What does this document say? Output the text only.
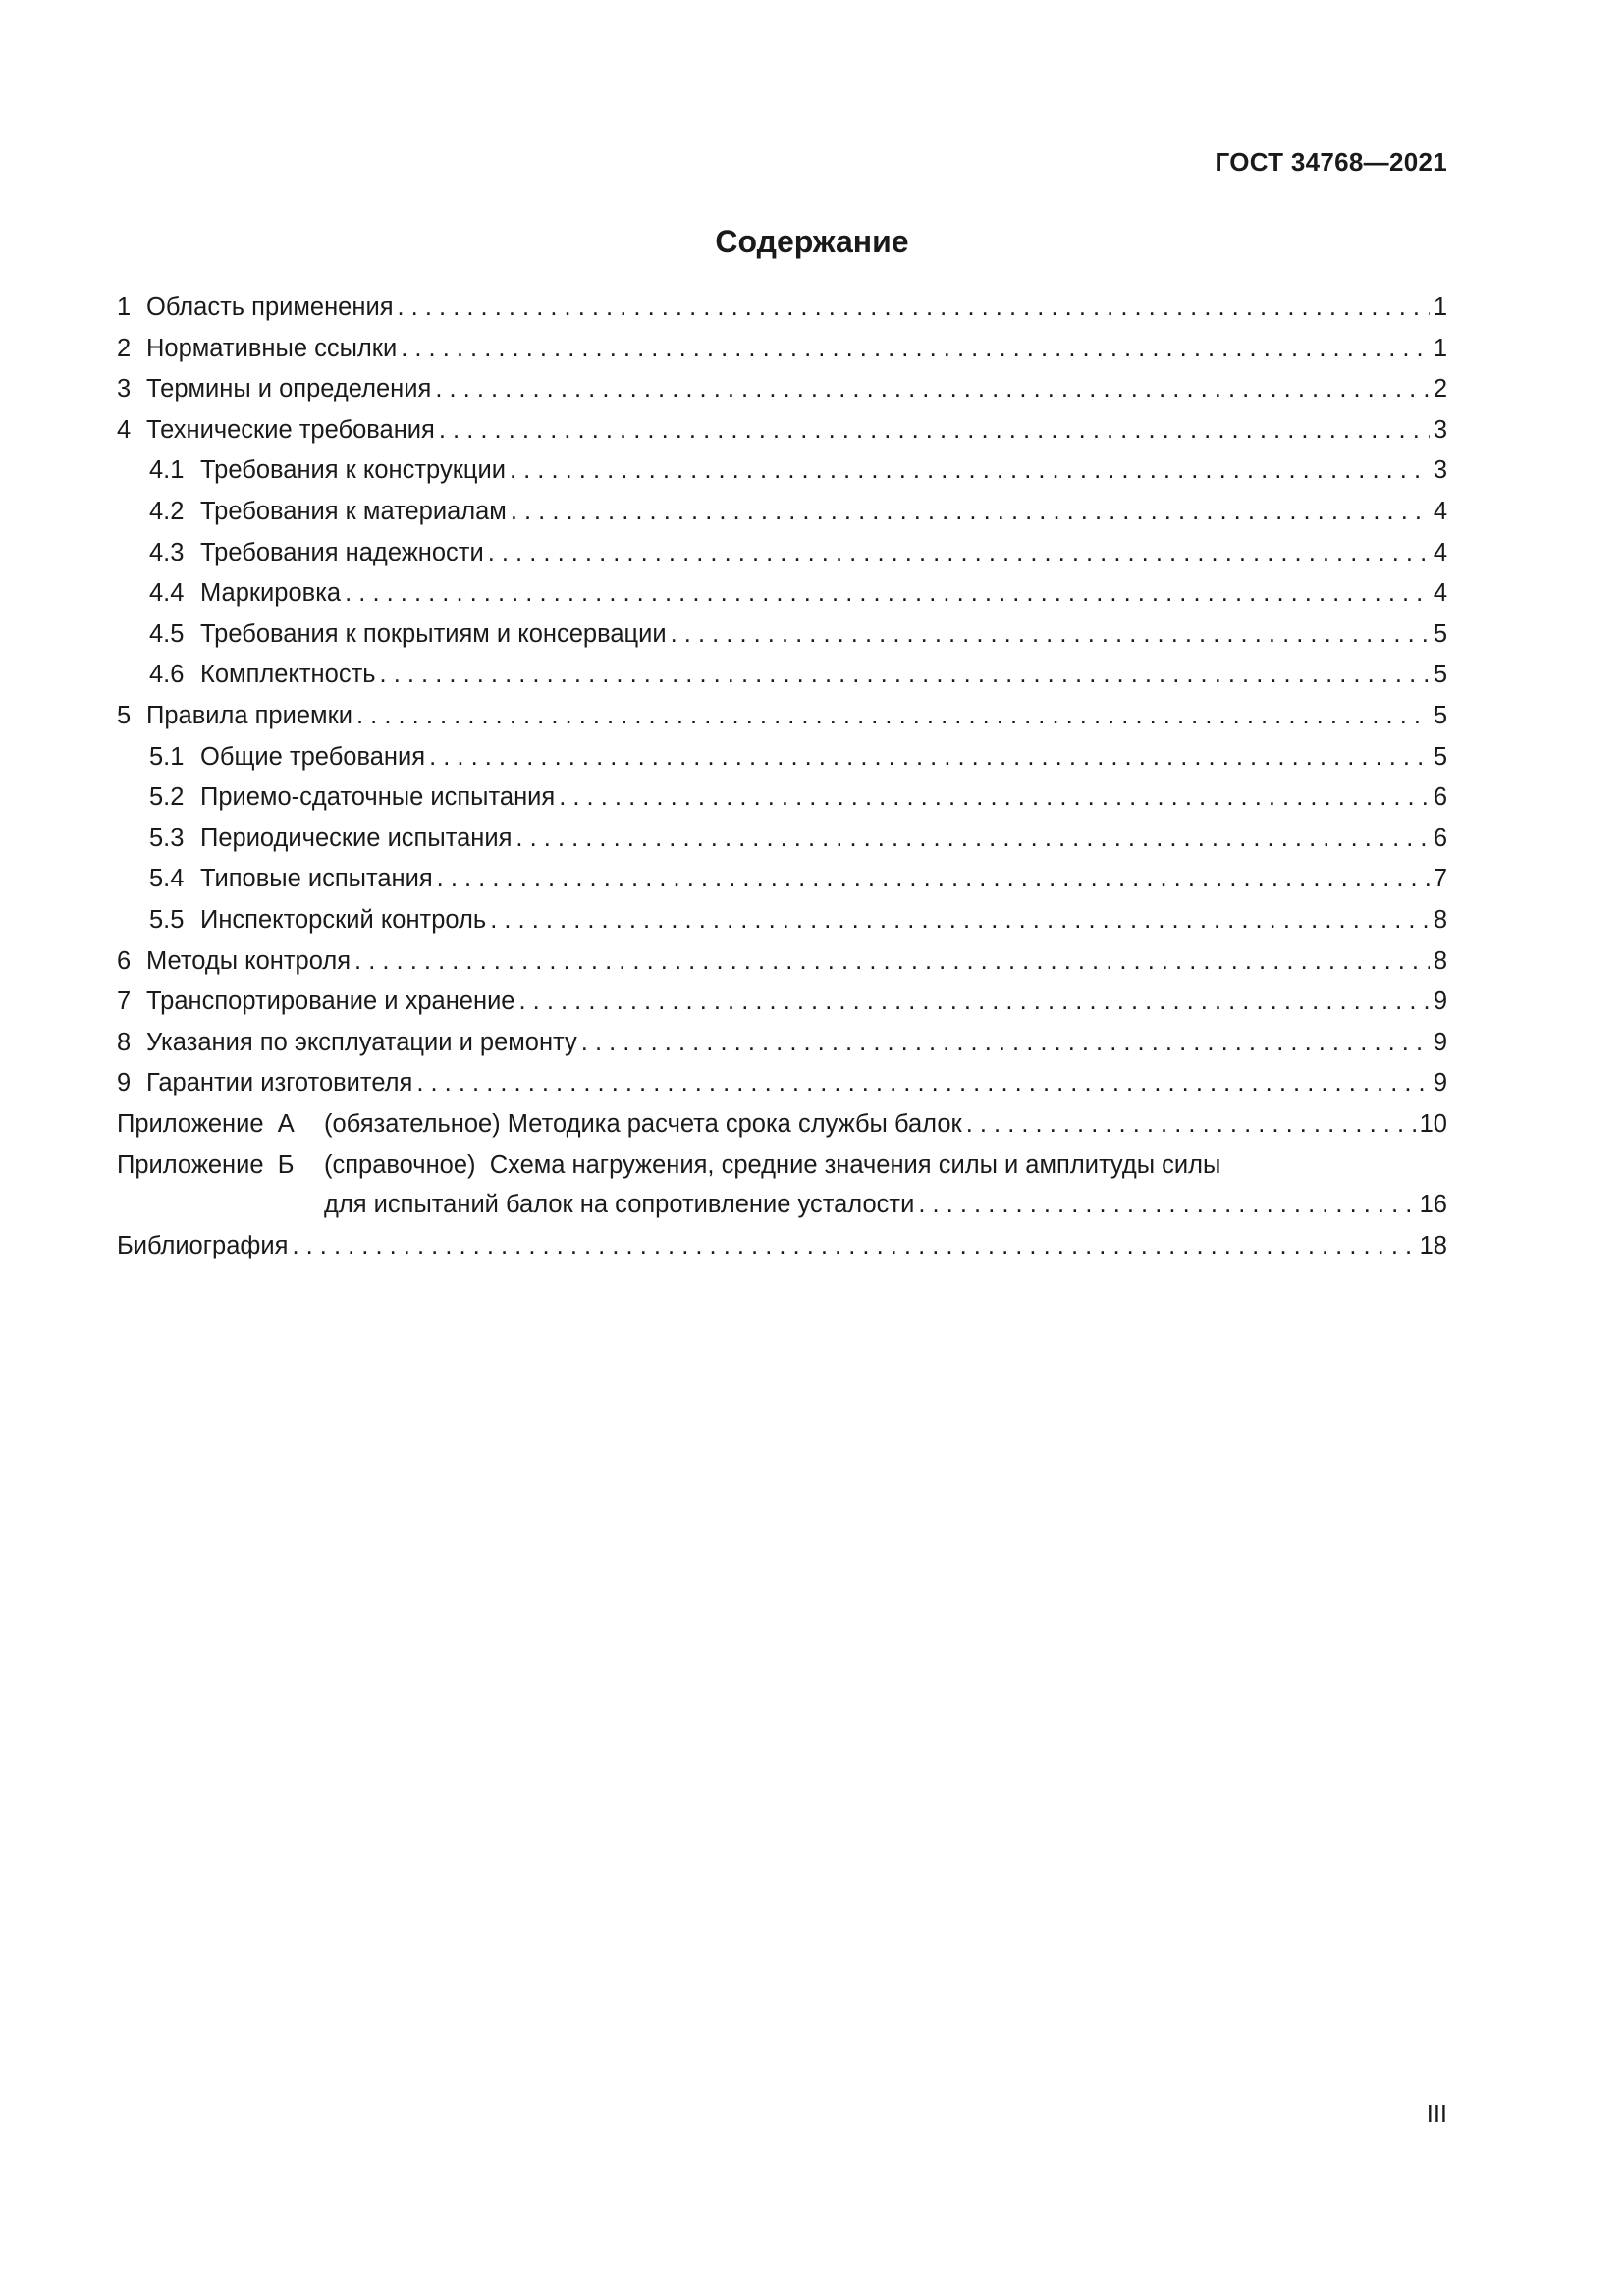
ГОСТ 34768—2021
Содержание
1 Область применения . . .	1
2 Нормативные ссылки . . .	1
3 Термины и определения . . .	2
4 Технические требования . . .	3
4.1 Требования к конструкции . . .	3
4.2 Требования к материалам . . .	4
4.3 Требования надежности . . .	4
4.4 Маркировка . . .	4
4.5 Требования к покрытиям и консервации . . .	5
4.6 Комплектность . . .	5
5 Правила приемки . . .	5
5.1 Общие требования . . .	5
5.2 Приемо-сдаточные испытания . . .	6
5.3 Периодические испытания . . .	6
5.4 Типовые испытания . . .	7
5.5 Инспекторский контроль . . .	8
6 Методы контроля . . .	8
7 Транспортирование и хранение . . .	9
8 Указания по эксплуатации и ремонту . . .	9
9 Гарантии изготовителя . . .	9
Приложение  А	(обязательное) Методика расчета срока службы балок . . .	10
Приложение  Б	(справочное)  Схема нагружения, средние значения силы и амплитуды силы
для испытаний балок на сопротивление усталости . . .	16
Библиография . . .	18
III
